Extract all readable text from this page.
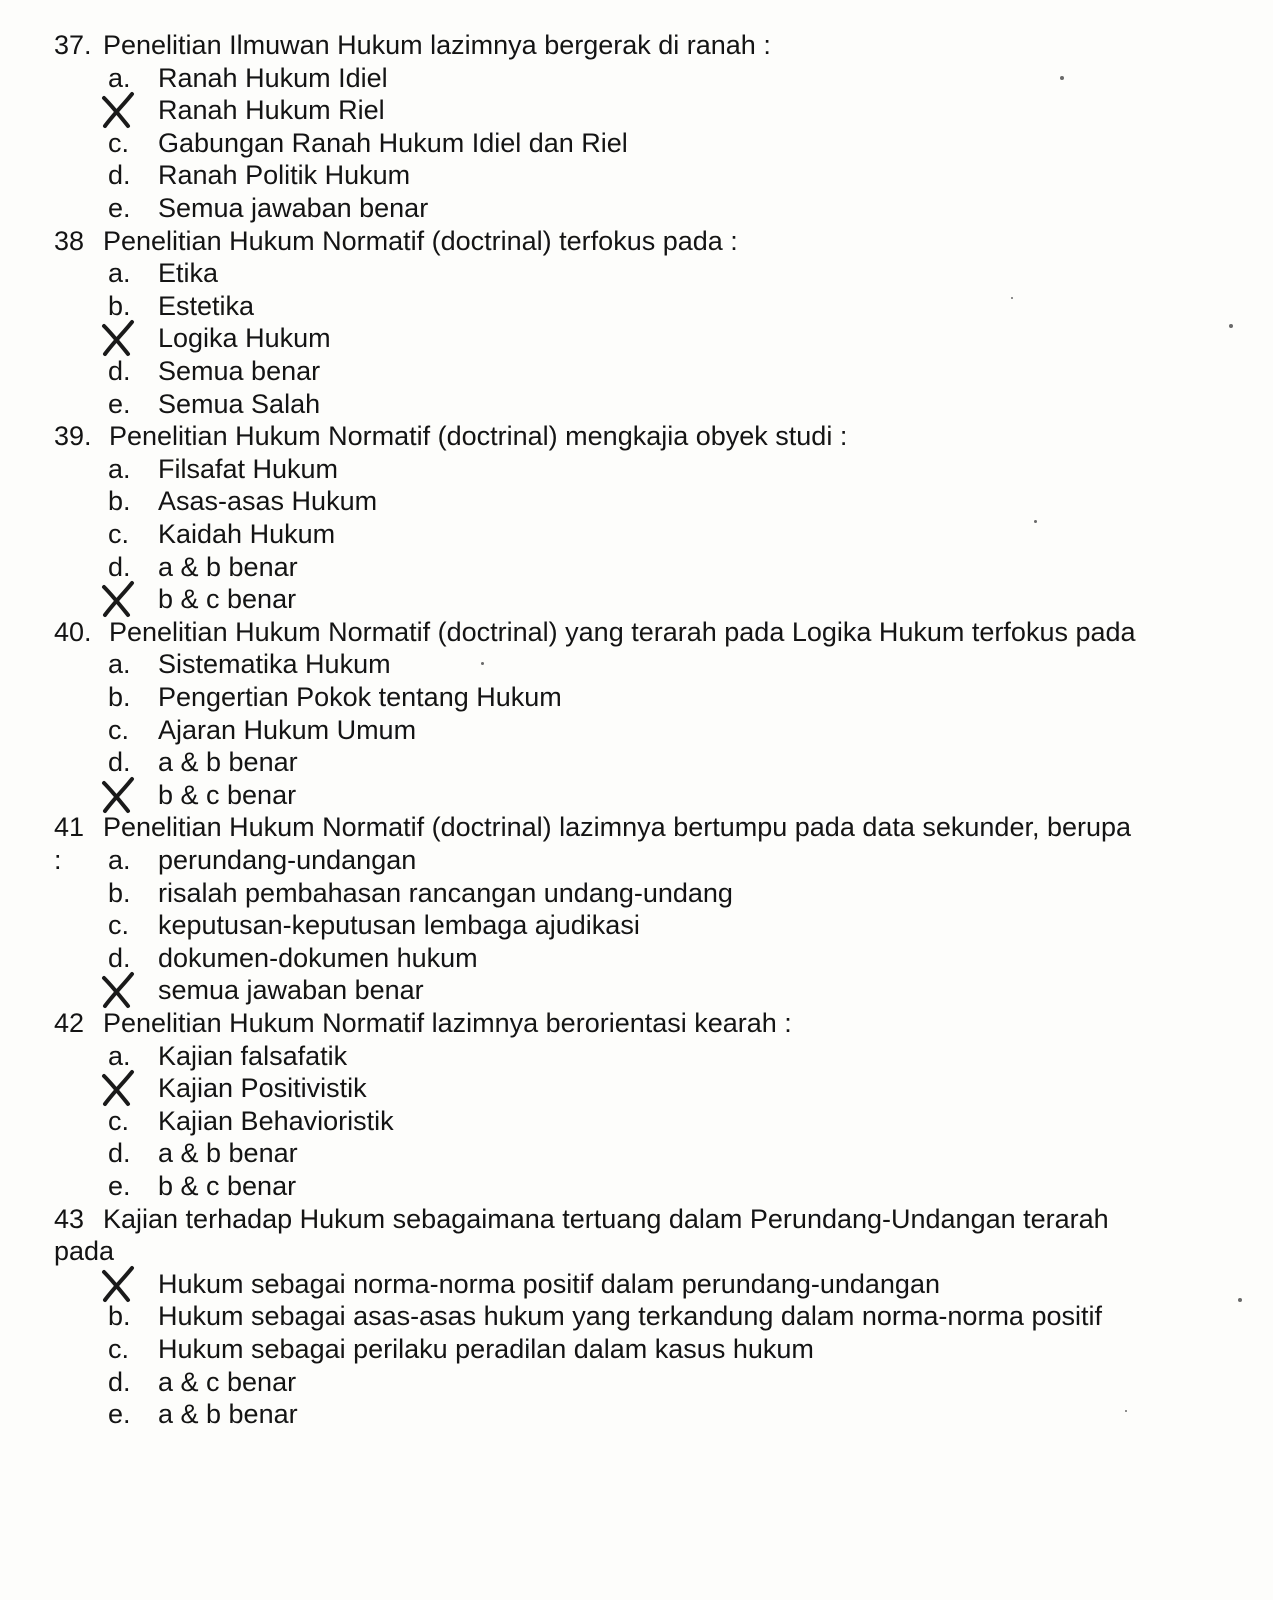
37. Penelitian Ilmuwan Hukum lazimnya bergerak di ranah :
a. Ranah Hukum Idiel
Ranah Hukum Riel
c. Gabungan Ranah Hukum Idiel dan Riel
d. Ranah Politik Hukum
e. Semua jawaban benar
38 Penelitian Hukum Normatif (doctrinal) terfokus pada :
a. Etika
b. Estetika
Logika Hukum
d. Semua benar
e. Semua Salah
39. Penelitian Hukum Normatif (doctrinal) mengkajia obyek studi :
a. Filsafat Hukum
b. Asas-asas Hukum
c. Kaidah Hukum
d. a & b benar
b & c benar
40. Penelitian Hukum Normatif (doctrinal) yang terarah pada Logika Hukum terfokus pada
a. Sistematika Hukum
b. Pengertian Pokok tentang Hukum
c. Ajaran Hukum Umum
d. a & b benar
b & c benar
41 Penelitian Hukum Normatif (doctrinal) lazimnya bertumpu pada data sekunder, berupa
: a. perundang-undangan
b. risalah pembahasan rancangan undang-undang
c. keputusan-keputusan lembaga ajudikasi
d. dokumen-dokumen hukum
semua jawaban benar
42 Penelitian Hukum Normatif lazimnya berorientasi kearah :
a. Kajian falsafatik
Kajian Positivistik
c. Kajian Behavioristik
d. a & b benar
e. b & c benar
43 Kajian terhadap Hukum sebagaimana tertuang dalam Perundang-Undangan terarah
pada
Hukum sebagai norma-norma positif dalam perundang-undangan
b. Hukum sebagai asas-asas hukum yang terkandung dalam norma-norma positif
c. Hukum sebagai perilaku peradilan dalam kasus hukum
d. a & c benar
e. a & b benar
